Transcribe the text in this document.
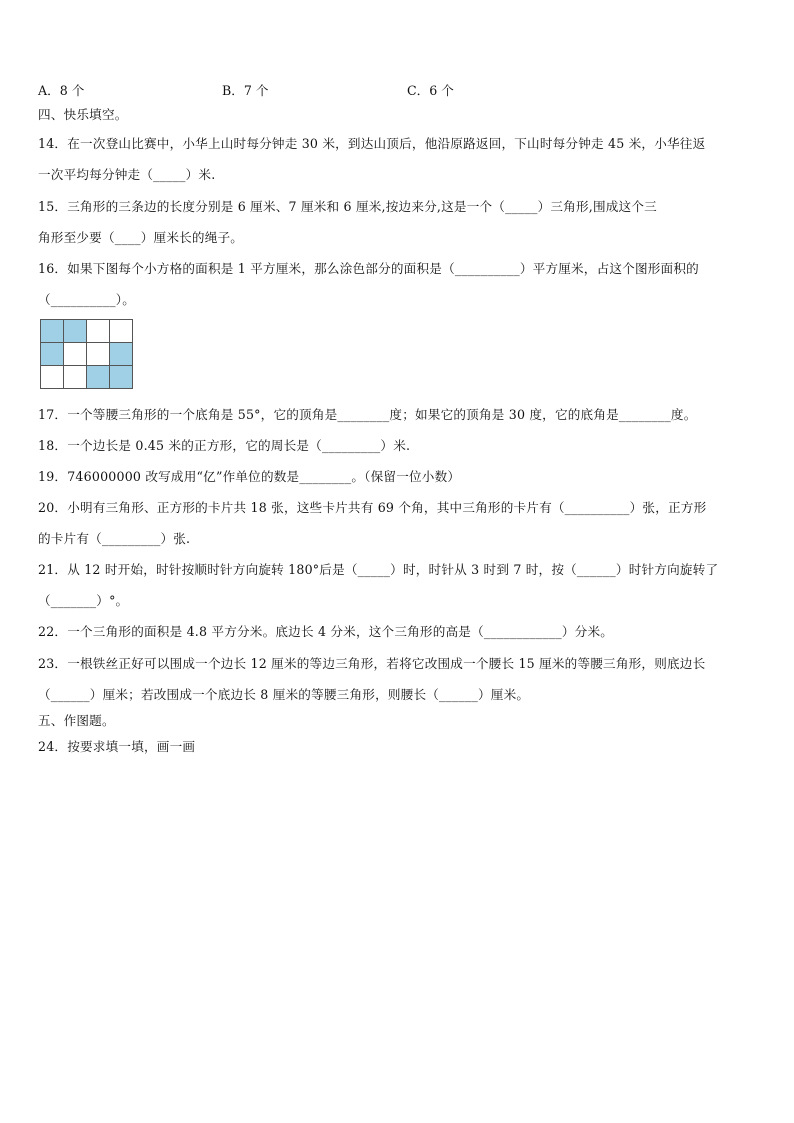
A．8 个	B．7 个	C．6 个
四、快乐填空。
14．在一次登山比赛中，小华上山时每分钟走 30 米，到达山顶后，他沿原路返回，下山时每分钟走 45 米，小华往返
一次平均每分钟走（_____）米.
15．三角形的三条边的长度分别是 6 厘米、7 厘米和 6 厘米,按边来分,这是一个（_____）三角形,围成这个三
角形至少要（____）厘米长的绳子。
16．如果下图每个小方格的面积是 1 平方厘米，那么涂色部分的面积是（__________）平方厘米，占这个图形面积的
（__________）。
17．一个等腰三角形的一个底角是 55°，它的顶角是________度；如果它的顶角是 30 度，它的底角是________度。
18．一个边长是 0.45 米的正方形，它的周长是（_________）米.
19．746000000 改写成用“亿”作单位的数是________。（保留一位小数）
20．小明有三角形、正方形的卡片共 18 张，这些卡片共有 69 个角，其中三角形的卡片有（__________）张，正方形
的卡片有（_________）张.
21．从 12 时开始，时针按顺时针方向旋转 180°后是（_____）时，时针从 3 时到 7 时，按（______）时针方向旋转了
（_______）°。
22．一个三角形的面积是 4.8 平方分米。底边长 4 分米，这个三角形的高是（____________）分米。
23．一根铁丝正好可以围成一个边长 12 厘米的等边三角形，若将它改围成一个腰长 15 厘米的等腰三角形，则底边长
（______）厘米；若改围成一个底边长 8 厘米的等腰三角形，则腰长（______）厘米。
五、作图题。
24．按要求填一填，画一画
